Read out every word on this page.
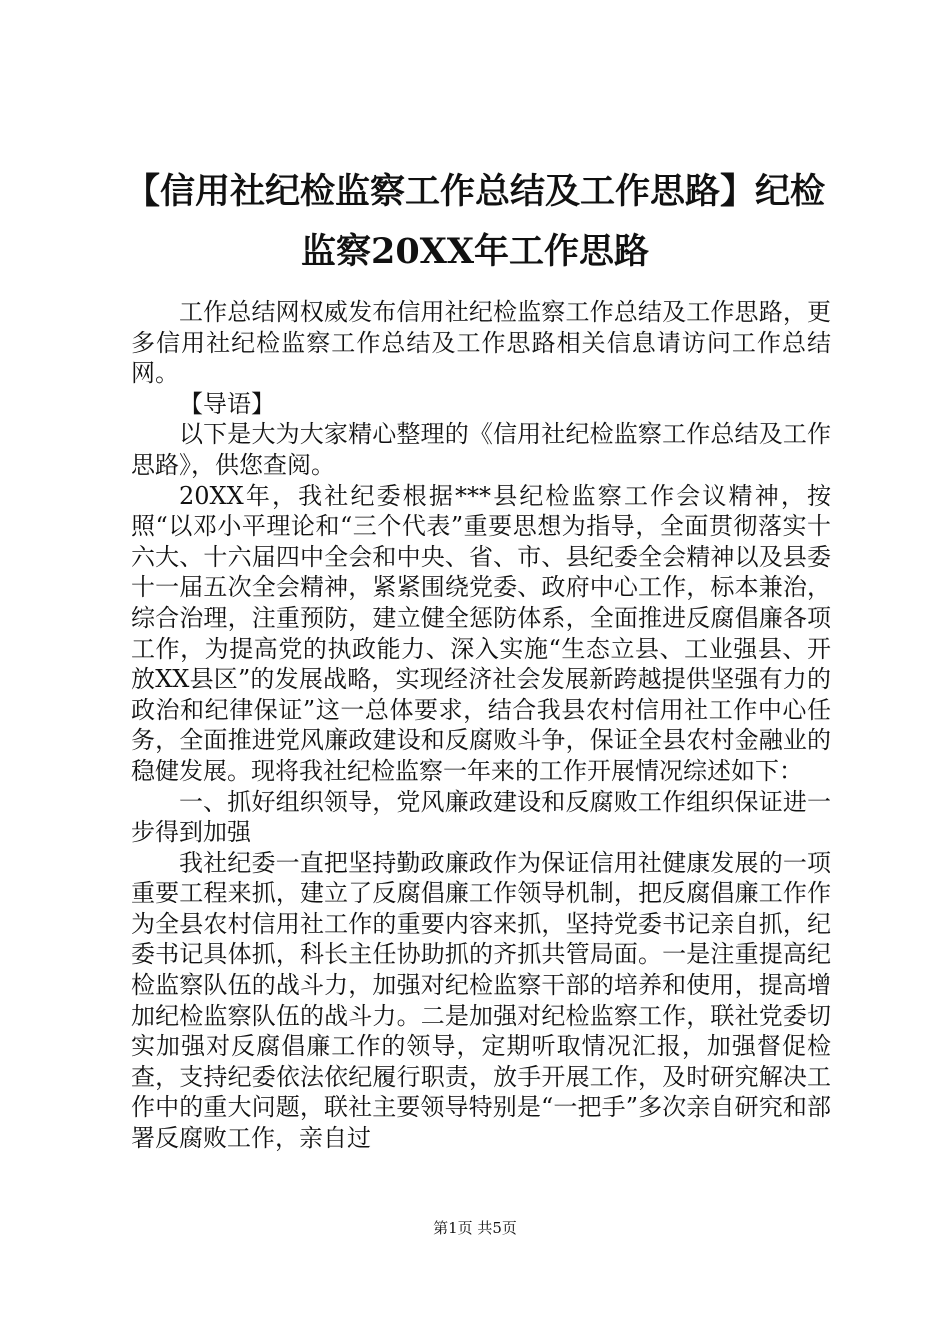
【信用社纪检监察工作总结及工作思路】纪检监察20XX年工作思路

工作总结网权威发布信用社纪检监察工作总结及工作思路，更多信用社纪检监察工作总结及工作思路相关信息请访问工作总结网。

【导语】

以下是大为大家精心整理的《信用社纪检监察工作总结及工作思路》，供您查阅。

20XX年，我社纪委根据***县纪检监察工作会议精神，按照“以邓小平理论和“三个代表”重要思想为指导，全面贯彻落实十六大、十六届四中全会和中央、省、市、县纪委全会精神以及县委十一届五次全会精神，紧紧围绕党委、政府中心工作，标本兼治，综合治理，注重预防，建立健全惩防体系，全面推进反腐倡廉各项工作，为提高党的执政能力、深入实施“生态立县、工业强县、开放XX县区”的发展战略，实现经济社会发展新跨越提供坚强有力的政治和纪律保证”这一总体要求，结合我县农村信用社工作中心任务，全面推进党风廉政建设和反腐败斗争，保证全县农村金融业的稳健发展。现将我社纪检监察一年来的工作开展情况综述如下：

一、抓好组织领导，党风廉政建设和反腐败工作组织保证进一步得到加强

我社纪委一直把坚持勤政廉政作为保证信用社健康发展的一项重要工程来抓，建立了反腐倡廉工作领导机制，把反腐倡廉工作作为全县农村信用社工作的重要内容来抓，坚持党委书记亲自抓，纪委书记具体抓，科长主任协助抓的齐抓共管局面。一是注重提高纪检监察队伍的战斗力，加强对纪检监察干部的培养和使用，提高增加纪检监察队伍的战斗力。二是加强对纪检监察工作，联社党委切实加强对反腐倡廉工作的领导，定期听取情况汇报，加强督促检查，支持纪委依法依纪履行职责，放手开展工作，及时研究解决工作中的重大问题，联社主要领导特别是“一把手”多次亲自研究和部署反腐败工作，亲自过

第1页 共5页
